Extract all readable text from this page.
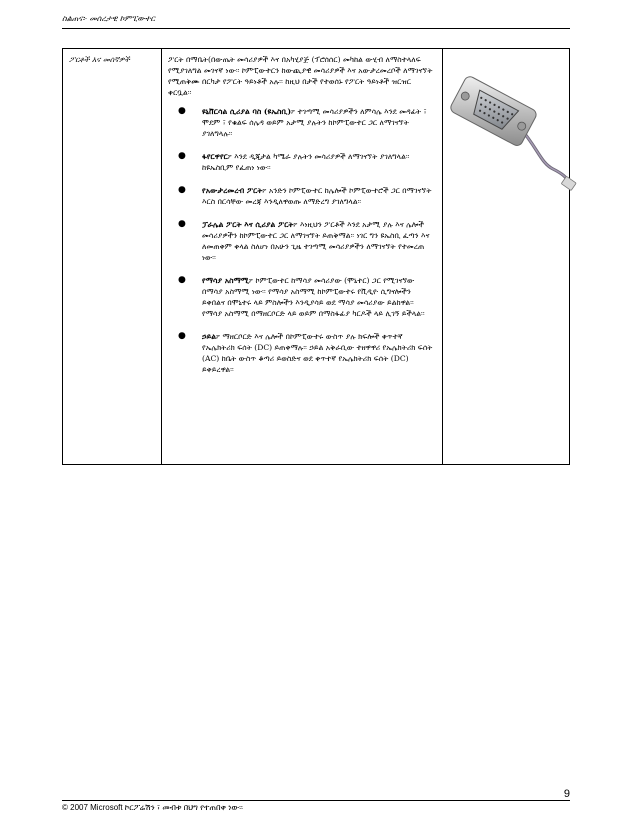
ስልጠና፦ መሰረታዊ ኮምፒውተር
ፖርቶች እና መሰኛዎች	ፖርት በማቤት(በውጤት መሳሪያዎች እና በአካሂያጅ (ፕሮሰሰር) መካከል ውሂብ ለማስተላለፍ የሚያገለግል መገናኛ ነው፡፡ ኮምፒውተርን ከውጪያዊ መሳሪያዎች እና አውታረመረቦች ለማገናኘት የሚጠቅሙ በርካታ የፖርት ዓይነቶች አሉ፡፡ ከዚህ በታች የተወሰኑ የፖርት ዓይነቶች ዝርዝር ቀርቧል፡፡

● ዩኒቨርሳል ሲሪያል ባስ (ዩኤስቢ)፦ ተገጣሚ መሳሪያዎችን ለምሳሌ እንደ መዳፊት ፣ ሞደም ፣ የቁልፍ ሰሌዳ ወይም አታሚ ያሉትን ከኮምፒውተር ጋር ለማገናኘት ያገለግላሉ፡፡
● ፋየርዋየር፦ እንደ ዲጂታል ካሜራ ያሉትን መሳሪያዎች ለማገናኘት ያገለግላል፡፡ ከዩኤስቢም የፈጠነ ነው፡፡
● የአውታረመረብ ፖርት፦ አንድን ኮምፒውተር ከሌሎች ኮምፒውተሮች ጋር በማገናኘት እርስ በርሳቸው መረጃ እንዲለዋወጡ ለማድረግ ያገለግላል፡፡
● ፓራሌል ፖርት እና ሲሪያል ፖርት፦ እነዚህን ፖርቶች እንደ አታሚ ያሉ እና ሌሎች መሳሪያዎችን ከኮምፒውተር ጋር ለማገናኘት ይጠቅማል፡፡ ነገር ግን ዩኤስቢ ፈጣን እና ለመጠቀም ቀላል ስለሆነ በአሁን ጊዜ ተገጣሚ መሳሪያዎችን ለማገናኘት የተመረጠ ነው፡፡
● የማሳያ አስማሚ፦ ኮምፒውተር ከማሳያ መሳሪያው (ሞኒተር) ጋር የሚገናኘው በማሳያ አስማሚ ነው፡፡ የማሳያ አስማሚ ከኮምፒውተሩ የቪዲዮ ሲግናሎችን ይቀበልና በሞኒተሩ ላይ ምስሎችን እንዲያሳይ ወደ ማሳያ መሳሪያው ይልከዋል፡፡ የማሳያ አስማሚ በማዘርቦርድ ላይ ወይም በማስፋፊያ ካርዶች ላይ ሊገኝ ይችላል፡፡
● ኃይል፦ ማዘርቦርድ እና ሌሎች በኮምፒውተሩ ውስጥ ያሉ ክፍሎች ቀጥተኛ የኤሌክትሪክ ፍሰት (DC) ይጠቀማሉ፡፡ ኃይል አቅራቢው ተዘዋዋሪ የኤሌክትሪክ ፍሰት (AC) ከቤት ውስጥ ቆጣሪ ይወስድና ወደ ቀጥተኛ የኤሌክትሪክ ፍሰት (DC) ይቀይረዋል፡፡

9
© 2007 Microsoft ኮርፖሬሽን ፣ መብቱ በህግ የተጠበቀ ነው፡፡
